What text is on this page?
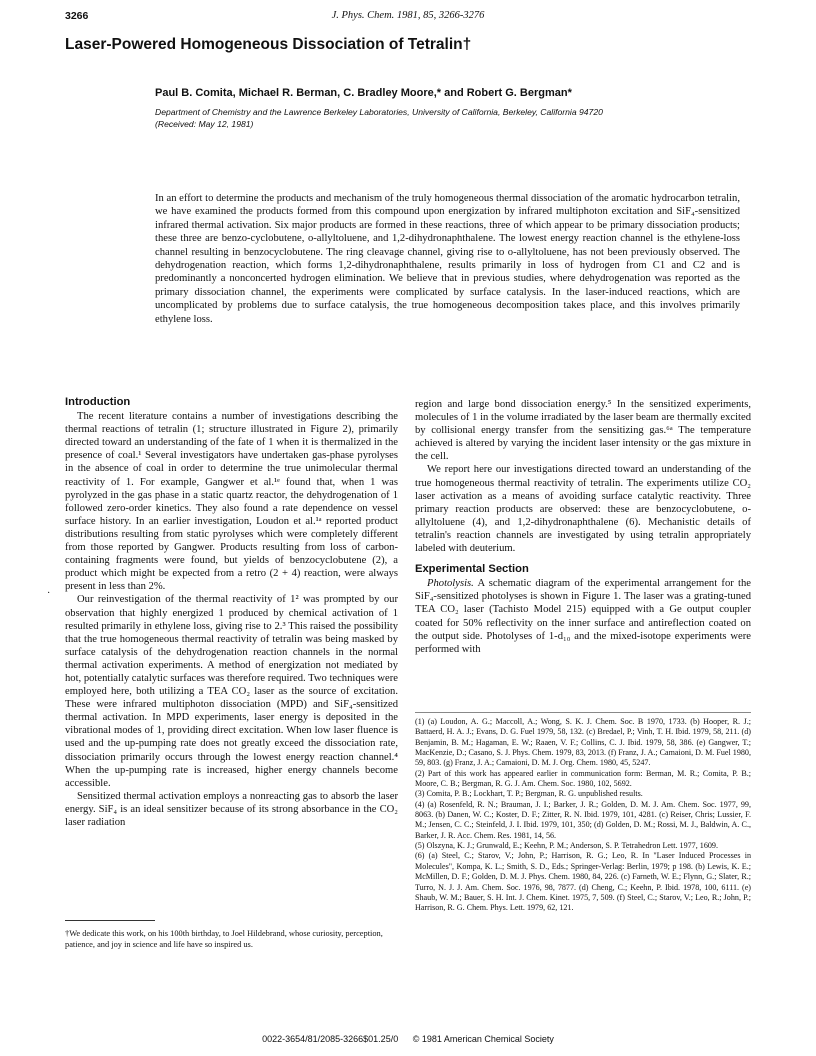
3266	J. Phys. Chem. 1981, 85, 3266-3276
Laser-Powered Homogeneous Dissociation of Tetralin†
Paul B. Comita, Michael R. Berman, C. Bradley Moore,* and Robert G. Bergman*
Department of Chemistry and the Lawrence Berkeley Laboratories, University of California, Berkeley, California 94720
(Received: May 12, 1981)
In an effort to determine the products and mechanism of the truly homogeneous thermal dissociation of the aromatic hydrocarbon tetralin, we have examined the products formed from this compound upon energization by infrared multiphoton excitation and SiF₄-sensitized infrared thermal activation. Six major products are formed in these reactions, three of which appear to be primary dissociation products; these three are benzo-cyclobutene, o-allyltoluene, and 1,2-dihydronaphthalene. The lowest energy reaction channel is the ethylene-loss channel resulting in benzocyclobutene. The ring cleavage channel, giving rise to o-allyltoluene, has not been previously observed. The dehydrogenation reaction, which forms 1,2-dihydronaphthalene, results primarily in loss of hydrogen from C1 and C2 and is predominantly a nonconcerted hydrogen elimination. We believe that in previous studies, where dehydrogenation was reported as the primary dissociation channel, the experiments were complicated by surface catalysis. In the laser-induced reactions, which are uncomplicated by problems due to surface catalysis, the true homogeneous decomposition takes place, and this involves primarily ethylene loss.
·
Introduction

The recent literature contains a number of investigations describing the thermal reactions of tetralin (1; structure illustrated in Figure 2), primarily directed toward an understanding of the fate of 1 when it is thermalized in the presence of coal.¹ Several investigators have undertaken gas-phase pyrolyses in the absence of coal in order to determine the true unimolecular thermal reactivity of 1. For example, Gangwer et al.¹ᵉ found that, when 1 was pyrolyzed in the gas phase in a static quartz reactor, the dehydrogenation of 1 followed zero-order kinetics. They also found a rate dependence on vessel surface history. In an earlier investigation, Loudon et al.¹ᵃ reported product distributions resulting from static pyrolyses which were completely different from those reported by Gangwer. Products resulting from loss of carbon-containing fragments were found, but yields of benzocyclobutene (2), a product which might be expected from a retro (2 + 4) reaction, were always present in less than 2%.

Our reinvestigation of the thermal reactivity of 1² was prompted by our observation that highly energized 1 produced by chemical activation of 1 resulted primarily in ethylene loss, giving rise to 2.³ This raised the possibility that the true homogeneous thermal reactivity of tetralin was being masked by surface catalysis of the dehydrogenation reaction channels in the normal thermal activation experiments. A method of energization not mediated by hot, potentially catalytic surfaces was therefore required. Two techniques were employed here, both utilizing a TEA CO₂ laser as the source of excitation. These were infrared multiphoton dissociation (MPD) and SiF₄-sensitized thermal activation. In MPD experiments, laser energy is deposited in the vibrational modes of 1, providing direct excitation. When low laser fluence is used and the up-pumping rate does not greatly exceed the dissociation rate, dissociation primarily occurs through the lowest energy reaction channel.⁴ When the up-pumping rate is increased, higher energy channels become accessible.

Sensitized thermal activation employs a nonreacting gas to absorb the laser energy. SiF₄ is an ideal sensitizer because of its strong absorbance in the CO₂ laser radiation

†We dedicate this work, on his 100th birthday, to Joel Hildebrand, whose curiosity, perception, patience, and joy in science and life have so inspired us.

region and large bond dissociation energy.⁵ In the sensitized experiments, molecules of 1 in the volume irradiated by the laser beam are thermally excited by collisional energy transfer from the sensitizing gas.⁶ᵃ The temperature achieved is altered by varying the incident laser intensity or the gas mixture in the cell.

We report here our investigations directed toward an understanding of the true homogeneous thermal reactivity of tetralin. The experiments utilize CO₂ laser activation as a means of avoiding surface catalytic reactivity. Three primary reaction products are observed: these are benzocyclobutene, o-allyltoluene (4), and 1,2-dihydronaphthalene (6). Mechanistic details of tetralin's reaction channels are investigated by using tetralin appropriately labeled with deuterium.

Experimental Section

Photolysis. A schematic diagram of the experimental arrangement for the SiF₄-sensitized photolyses is shown in Figure 1. The laser was a grating-tuned TEA CO₂ laser (Tachisto Model 215) equipped with a Ge output coupler coated for 50% reflectivity on the inner surface and antireflection coated on the output side. Photolyses of 1-d₁₀ and the mixed-isotope experiments were performed with

(1) (a) Loudon, A. G.; Maccoll, A.; Wong, S. K. J. Chem. Soc. B 1970, 1733. (b) Hooper, R. J.; Battaerd, H. A. J.; Evans, D. G. Fuel 1979, 58, 132. (c) Bredael, P.; Vinh, T. H. Ibid. 1979, 58, 211. (d) Benjamin, B. M.; Hagaman, E. W.; Raaen, V. F.; Collins, C. J. Ibid. 1979, 58, 386. (e) Gangwer, T.; MacKenzie, D.; Casano, S. J. Phys. Chem. 1979, 83, 2013. (f) Franz, J. A.; Camaioni, D. M. Fuel 1980, 59, 803. (g) Franz, J. A.; Camaioni, D. M. J. Org. Chem. 1980, 45, 5247.

(2) Part of this work has appeared earlier in communication form: Berman, M. R.; Comita, P. B.; Moore, C. B.; Bergman, R. G. J. Am. Chem. Soc. 1980, 102, 5692.

(3) Comita, P. B.; Lockhart, T. P.; Bergman, R. G. unpublished results.

(4) (a) Rosenfeld, R. N.; Brauman, J. I.; Barker, J. R.; Golden, D. M. J. Am. Chem. Soc. 1977, 99, 8063. (b) Danen, W. C.; Koster, D. F.; Zitter, R. N. Ibid. 1979, 101, 4281. (c) Reiser, Chris; Lussier, F. M.; Jensen, C. C.; Steinfeld, J. I. Ibid. 1979, 101, 350; (d) Golden, D. M.; Rossi, M. J., Baldwin, A. C., Barker, J. R. Acc. Chem. Res. 1981, 14, 56.

(5) Olszyna, K. J.; Grunwald, E.; Keehn, P. M.; Anderson, S. P. Tetrahedron Lett. 1977, 1609.

(6) (a) Steel, C.; Starov, V.; John, P.; Harrison, R. G.; Leo, R. In "Laser Induced Processes in Molecules", Kompa, K. L.; Smith, S. D., Eds.; Springer-Verlag: Berlin, 1979; p 198. (b) Lewis, K. E.; McMillen, D. F.; Golden, D. M. J. Phys. Chem. 1980, 84, 226. (c) Farneth, W. E.; Flynn, G.; Slater, R.; Turro, N. J. J. Am. Chem. Soc. 1976, 98, 7877. (d) Cheng, C.; Keehn, P. Ibid. 1978, 100, 6111. (e) Shaub, W. M.; Bauer, S. H. Int. J. Chem. Kinet. 1975, 7, 509. (f) Steel, C.; Starov, V.; Leo, R.; John, P.; Harrison, R. G. Chem. Phys. Lett. 1979, 62, 121.

0022-3654/81/2085-3266$01.25/0 © 1981 American Chemical Society
